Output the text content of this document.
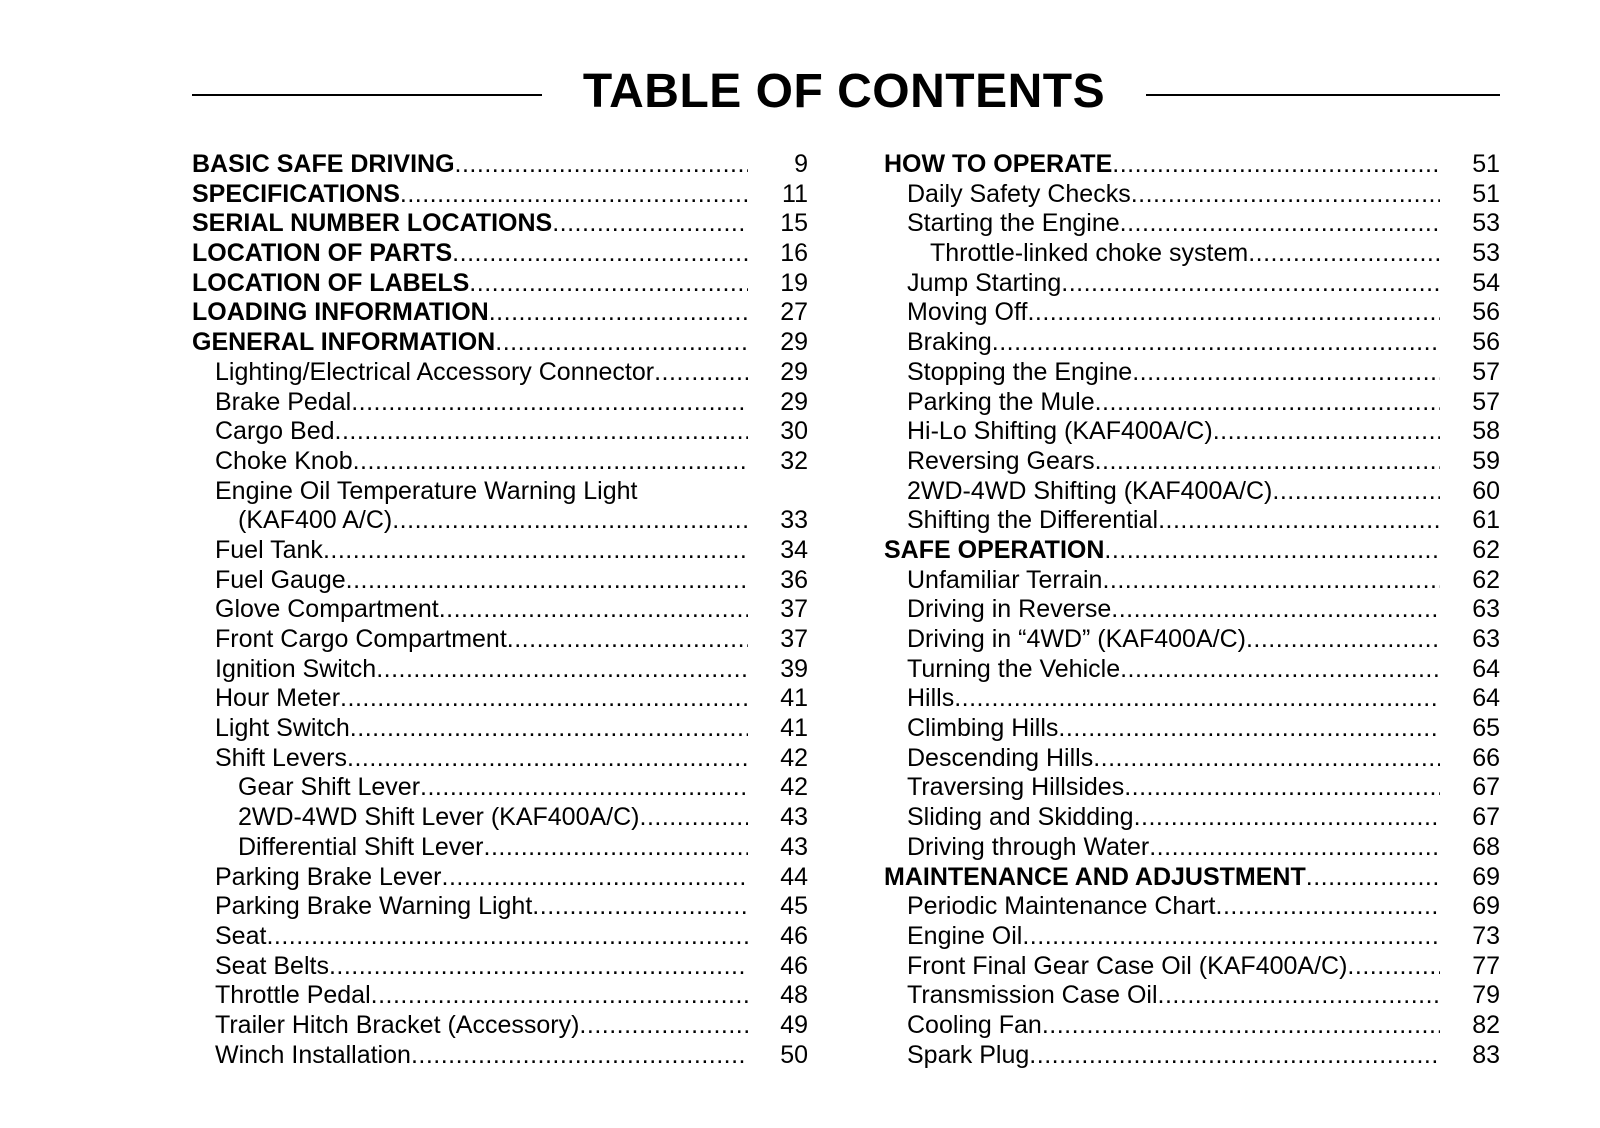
TABLE OF CONTENTS
BASIC SAFE DRIVING .....	9
SPECIFICATIONS .....	11
SERIAL NUMBER LOCATIONS .....	15
LOCATION OF PARTS .....	16
LOCATION OF LABELS .....	19
LOADING INFORMATION .....	27
GENERAL INFORMATION .....	29
Lighting/Electrical Accessory Connector .....	29
Brake Pedal .....	29
Cargo Bed .....	30
Choke Knob .....	32
Engine Oil Temperature Warning Light
(KAF400 A/C) .....	33
Fuel Tank .....	34
Fuel Gauge .....	36
Glove Compartment .....	37
Front Cargo Compartment .....	37
Ignition Switch .....	39
Hour Meter .....	41
Light Switch .....	41
Shift Levers .....	42
Gear Shift Lever .....	42
2WD-4WD Shift Lever (KAF400A/C) .....	43
Differential Shift Lever .....	43
Parking Brake Lever .....	44
Parking Brake Warning Light .....	45
Seat .....	46
Seat Belts .....	46
Throttle Pedal .....	48
Trailer Hitch Bracket (Accessory) .....	49
Winch Installation .....	50
HOW TO OPERATE .....	51
Daily Safety Checks .....	51
Starting the Engine .....	53
Throttle-linked choke system .....	53
Jump Starting .....	54
Moving Off .....	56
Braking .....	56
Stopping the Engine .....	57
Parking the Mule .....	57
Hi-Lo Shifting (KAF400A/C) .....	58
Reversing Gears .....	59
2WD-4WD Shifting (KAF400A/C) .....	60
Shifting the Differential .....	61
SAFE OPERATION .....	62
Unfamiliar Terrain .....	62
Driving in Reverse .....	63
Driving in “4WD” (KAF400A/C) .....	63
Turning the Vehicle .....	64
Hills .....	64
Climbing Hills .....	65
Descending Hills .....	66
Traversing Hillsides .....	67
Sliding and Skidding .....	67
Driving through Water .....	68
MAINTENANCE AND ADJUSTMENT .....	69
Periodic Maintenance Chart .....	69
Engine Oil .....	73
Front Final Gear Case Oil (KAF400A/C) .....	77
Transmission Case Oil .....	79
Cooling Fan .....	82
Spark Plug .....	83
